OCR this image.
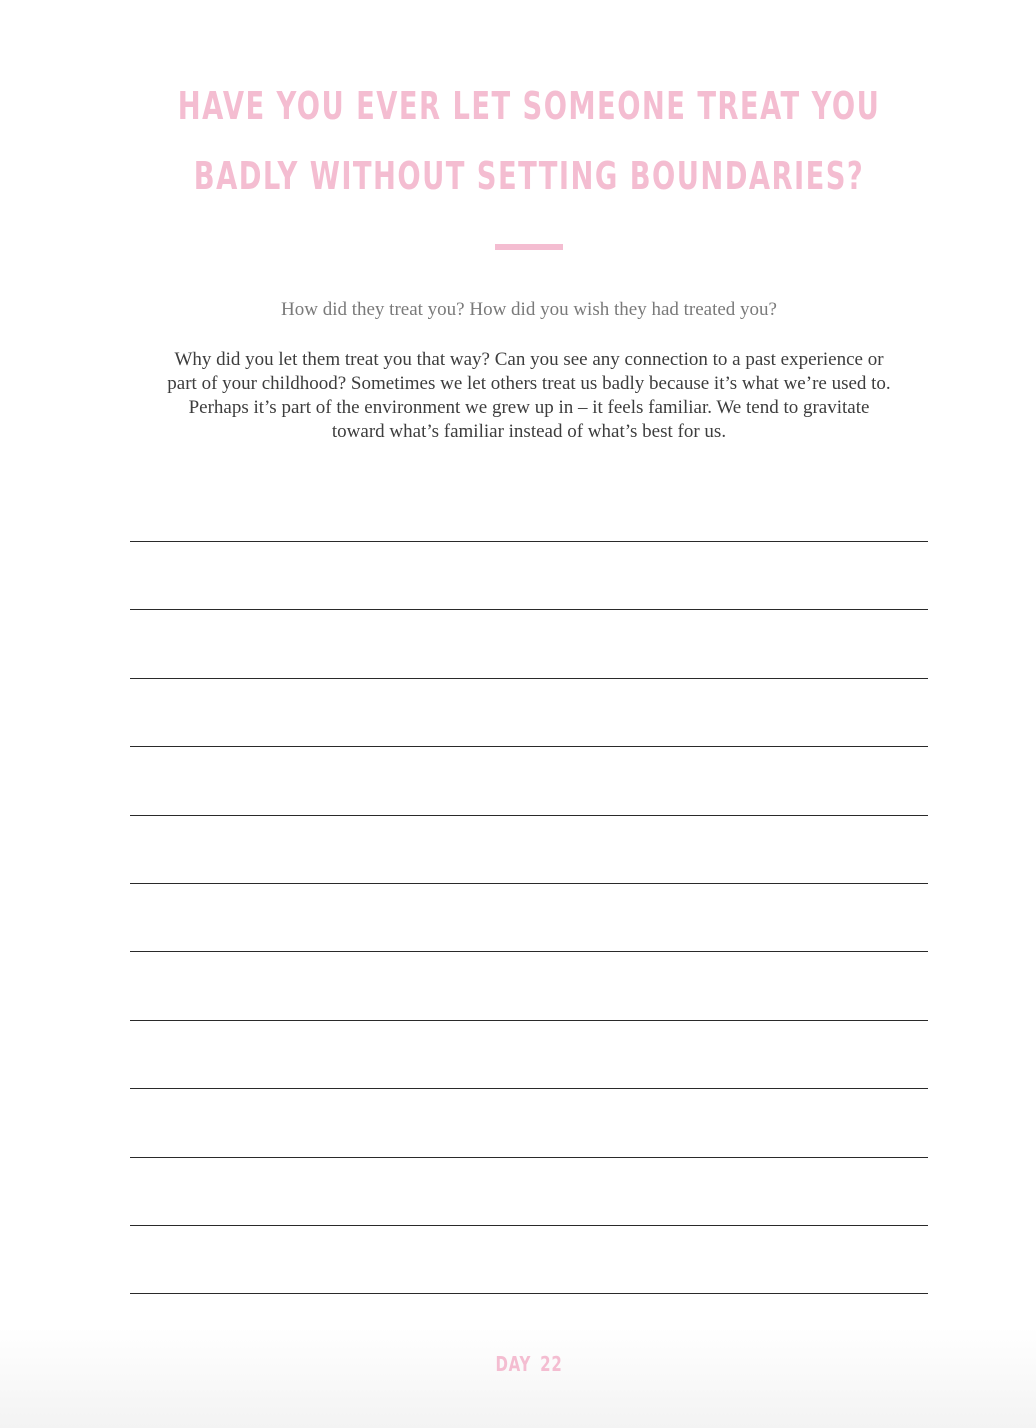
HAVE YOU EVER LET SOMEONE TREAT YOU
BADLY WITHOUT SETTING BOUNDARIES?

How did they treat you? How did you wish they had treated you?

Why did you let them treat you that way? Can you see any connection to a past experience or
part of your childhood? Sometimes we let others treat us badly because it’s what we’re used to.
Perhaps it’s part of the environment we grew up in – it feels familiar. We tend to gravitate
toward what’s familiar instead of what’s best for us.

DAY 22
